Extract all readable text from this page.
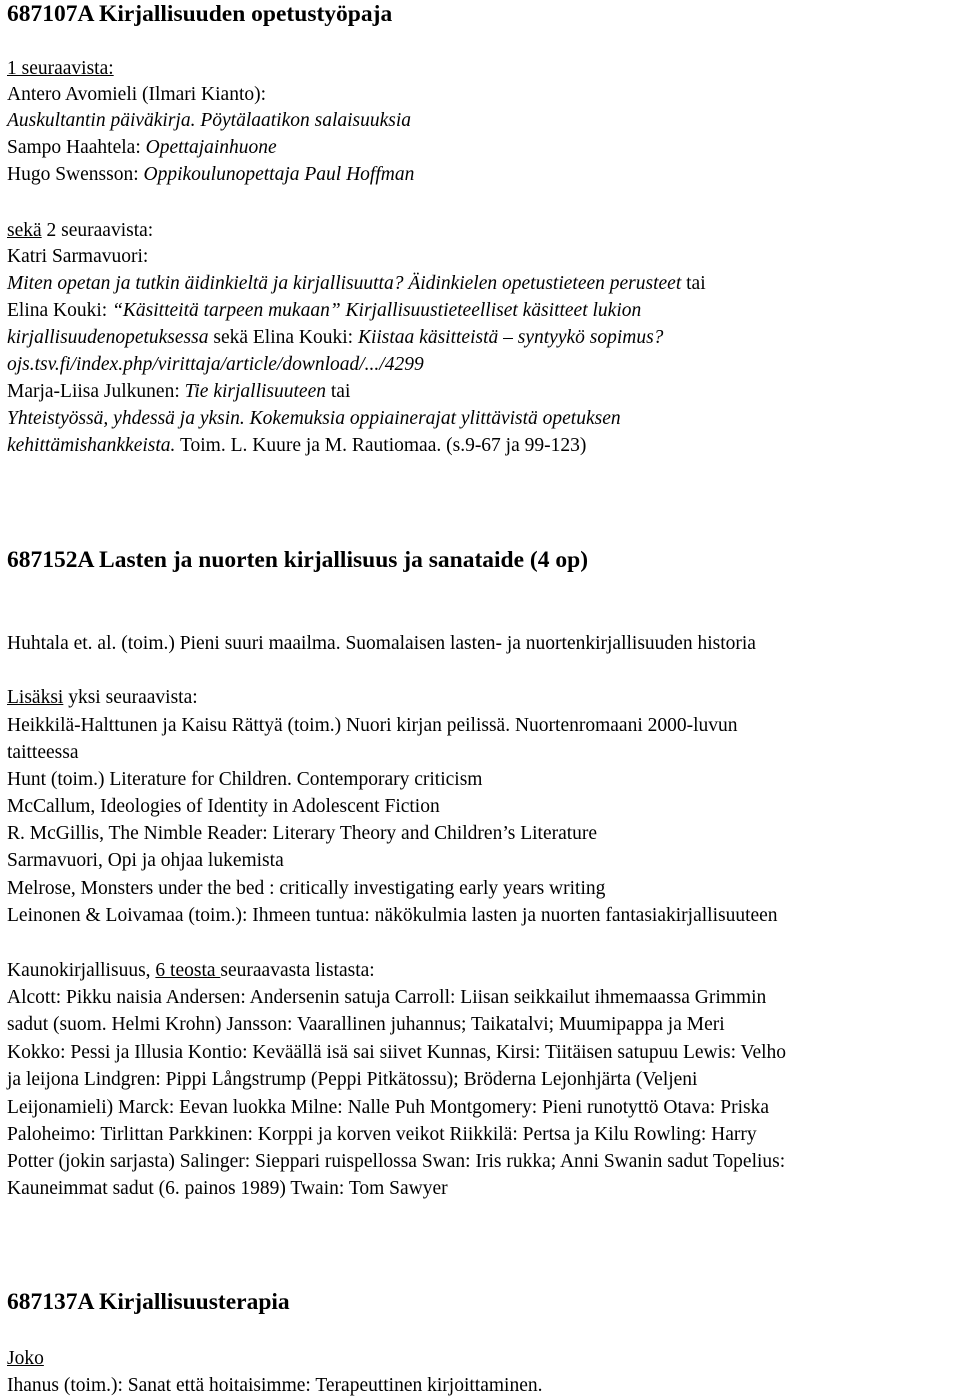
687107A Kirjallisuuden opetustyöpaja

1 seuraavista:

Antero Avomieli (Ilmari Kianto):

Auskultantin päiväkirja. Pöytälaatikon salaisuuksia

Sampo Haahtela: Opettajainhuone

Hugo Swensson: Oppikoulunopettaja Paul Hoffman

sekä 2 seuraavista:

Katri Sarmavuori:

Miten opetan ja tutkin äidinkieltä ja kirjallisuutta? Äidinkielen opetustieteen perusteet tai

Elina Kouki: “Käsitteitä tarpeen mukaan” Kirjallisuustieteelliset käsitteet lukion

kirjallisuudenopetuksessa sekä Elina Kouki: Kiistaa käsitteistä – syntyykö sopimus?

ojs.tsv.fi/index.php/virittaja/article/download/.../4299

Marja-Liisa Julkunen: Tie kirjallisuuteen tai

Yhteistyössä, yhdessä ja yksin. Kokemuksia oppiainerajat ylittävistä opetuksen

kehittämishankkeista. Toim. L. Kuure ja M. Rautiomaa. (s.9-67 ja 99-123)

687152A Lasten ja nuorten kirjallisuus ja sanataide (4 op)

Huhtala et. al. (toim.) Pieni suuri maailma. Suomalaisen lasten- ja nuortenkirjallisuuden historia

Lisäksi yksi seuraavista:

Heikkilä-Halttunen ja Kaisu Rättyä (toim.) Nuori kirjan peilissä. Nuortenromaani 2000-luvun

taitteessa

Hunt (toim.) Literature for Children. Contemporary criticism

McCallum, Ideologies of Identity in Adolescent Fiction

R. McGillis, The Nimble Reader: Literary Theory and Children’s Literature

Sarmavuori, Opi ja ohjaa lukemista

Melrose, Monsters under the bed : critically investigating early years writing

Leinonen & Loivamaa (toim.): Ihmeen tuntua: näkökulmia lasten ja nuorten fantasiakirjallisuuteen

Kaunokirjallisuus, 6 teosta seuraavasta listasta:

Alcott: Pikku naisia Andersen: Andersenin satuja Carroll: Liisan seikkailut ihmemaassa Grimmin

sadut (suom. Helmi Krohn) Jansson: Vaarallinen juhannus; Taikatalvi; Muumipappa ja Meri

Kokko: Pessi ja Illusia Kontio: Keväällä isä sai siivet Kunnas, Kirsi: Tiitäisen satupuu Lewis: Velho

ja leijona Lindgren: Pippi Långstrump (Peppi Pitkätossu); Bröderna Lejonhjärta (Veljeni

Leijonamieli) Marck: Eevan luokka Milne: Nalle Puh Montgomery: Pieni runotyttö Otava: Priska

Paloheimo: Tirlittan Parkkinen: Korppi ja korven veikot Riikkilä: Pertsa ja Kilu Rowling: Harry

Potter (jokin sarjasta) Salinger: Sieppari ruispellossa Swan: Iris rukka; Anni Swanin sadut Topelius:

Kauneimmat sadut (6. painos 1989) Twain: Tom Sawyer

687137A Kirjallisuusterapia

Joko

Ihanus (toim.): Sanat että hoitaisimme: Terapeuttinen kirjoittaminen.
